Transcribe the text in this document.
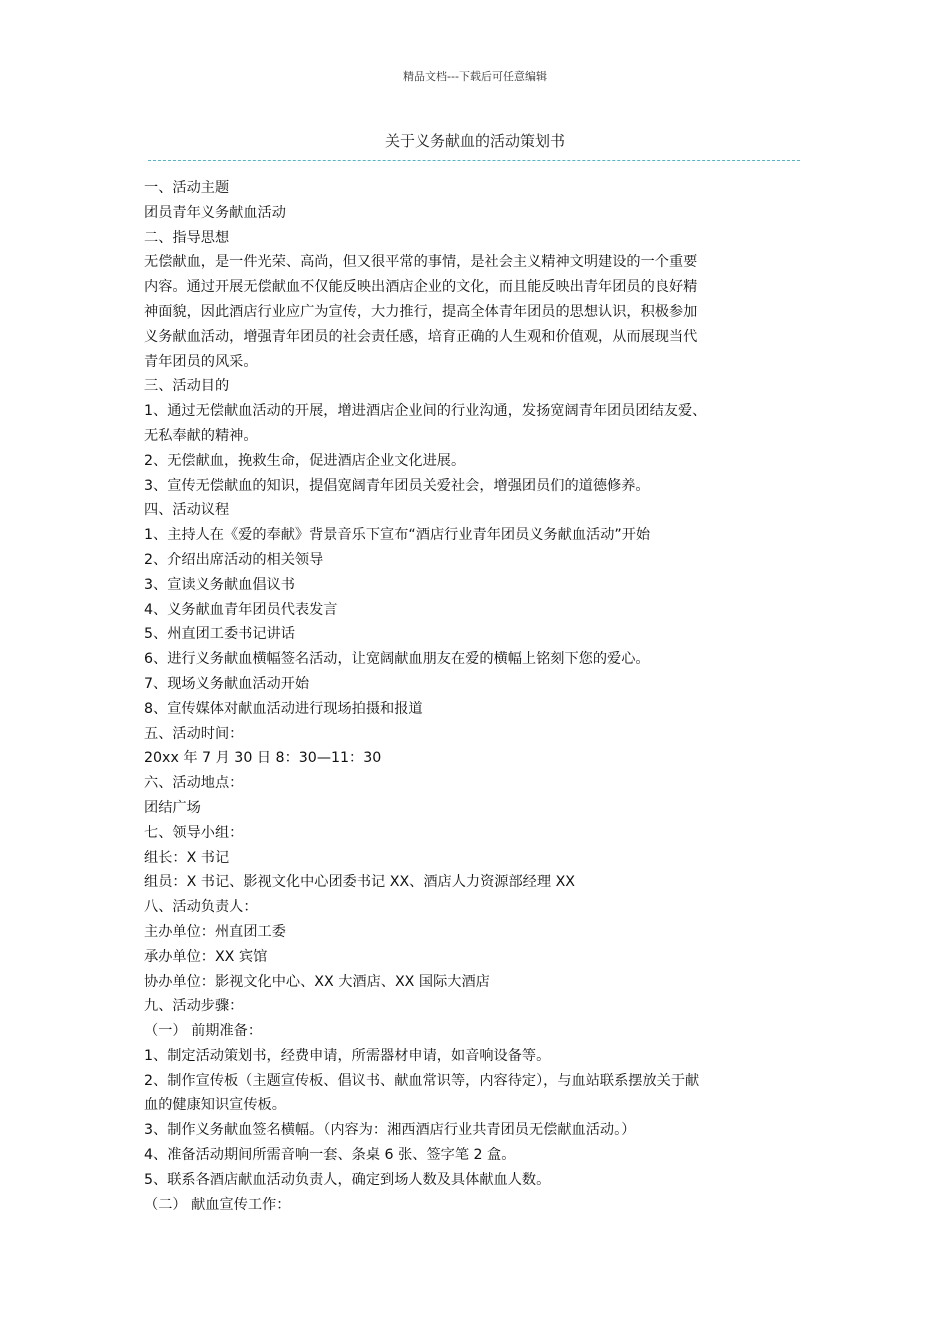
精品文档---下载后可任意编辑
关于义务献血的活动策划书
一、活动主题
团员青年义务献血活动
二、指导思想
无偿献血，是一件光荣、高尚，但又很平常的事情，是社会主义精神文明建设的一个重要
内容。通过开展无偿献血不仅能反映出酒店企业的文化，而且能反映出青年团员的良好精
神面貌，因此酒店行业应广为宣传，大力推行，提高全体青年团员的思想认识，积极参加
义务献血活动，增强青年团员的社会责任感，培育正确的人生观和价值观，从而展现当代
青年团员的风采。
三、活动目的
1、通过无偿献血活动的开展，增进酒店企业间的行业沟通，发扬宽阔青年团员团结友爱、
无私奉献的精神。
2、无偿献血，挽救生命，促进酒店企业文化进展。
3、宣传无偿献血的知识，提倡宽阔青年团员关爱社会，增强团员们的道德修养。
四、活动议程
1、主持人在《爱的奉献》背景音乐下宣布“酒店行业青年团员义务献血活动”开始
2、介绍出席活动的相关领导
3、宣读义务献血倡议书
4、义务献血青年团员代表发言
5、州直团工委书记讲话
6、进行义务献血横幅签名活动，让宽阔献血朋友在爱的横幅上铭刻下您的爱心。
7、现场义务献血活动开始
8、宣传媒体对献血活动进行现场拍摄和报道
五、活动时间：
20xx 年 7 月 30 日 8：30—11：30
六、活动地点：
团结广场
七、领导小组：
组长：X 书记
组员：X 书记、影视文化中心团委书记 XX、酒店人力资源部经理 XX
八、活动负责人：
主办单位：州直团工委
承办单位：XX 宾馆
协办单位：影视文化中心、XX 大酒店、XX 国际大酒店
九、活动步骤：
（一） 前期准备：
1、制定活动策划书，经费申请，所需器材申请，如音响设备等。
2、制作宣传板（主题宣传板、倡议书、献血常识等，内容待定），与血站联系摆放关于献
血的健康知识宣传板。
3、制作义务献血签名横幅。（内容为：湘西酒店行业共青团员无偿献血活动。）
4、准备活动期间所需音响一套、条桌 6 张、签字笔 2 盒。
5、联系各酒店献血活动负责人，确定到场人数及具体献血人数。
（二） 献血宣传工作：
